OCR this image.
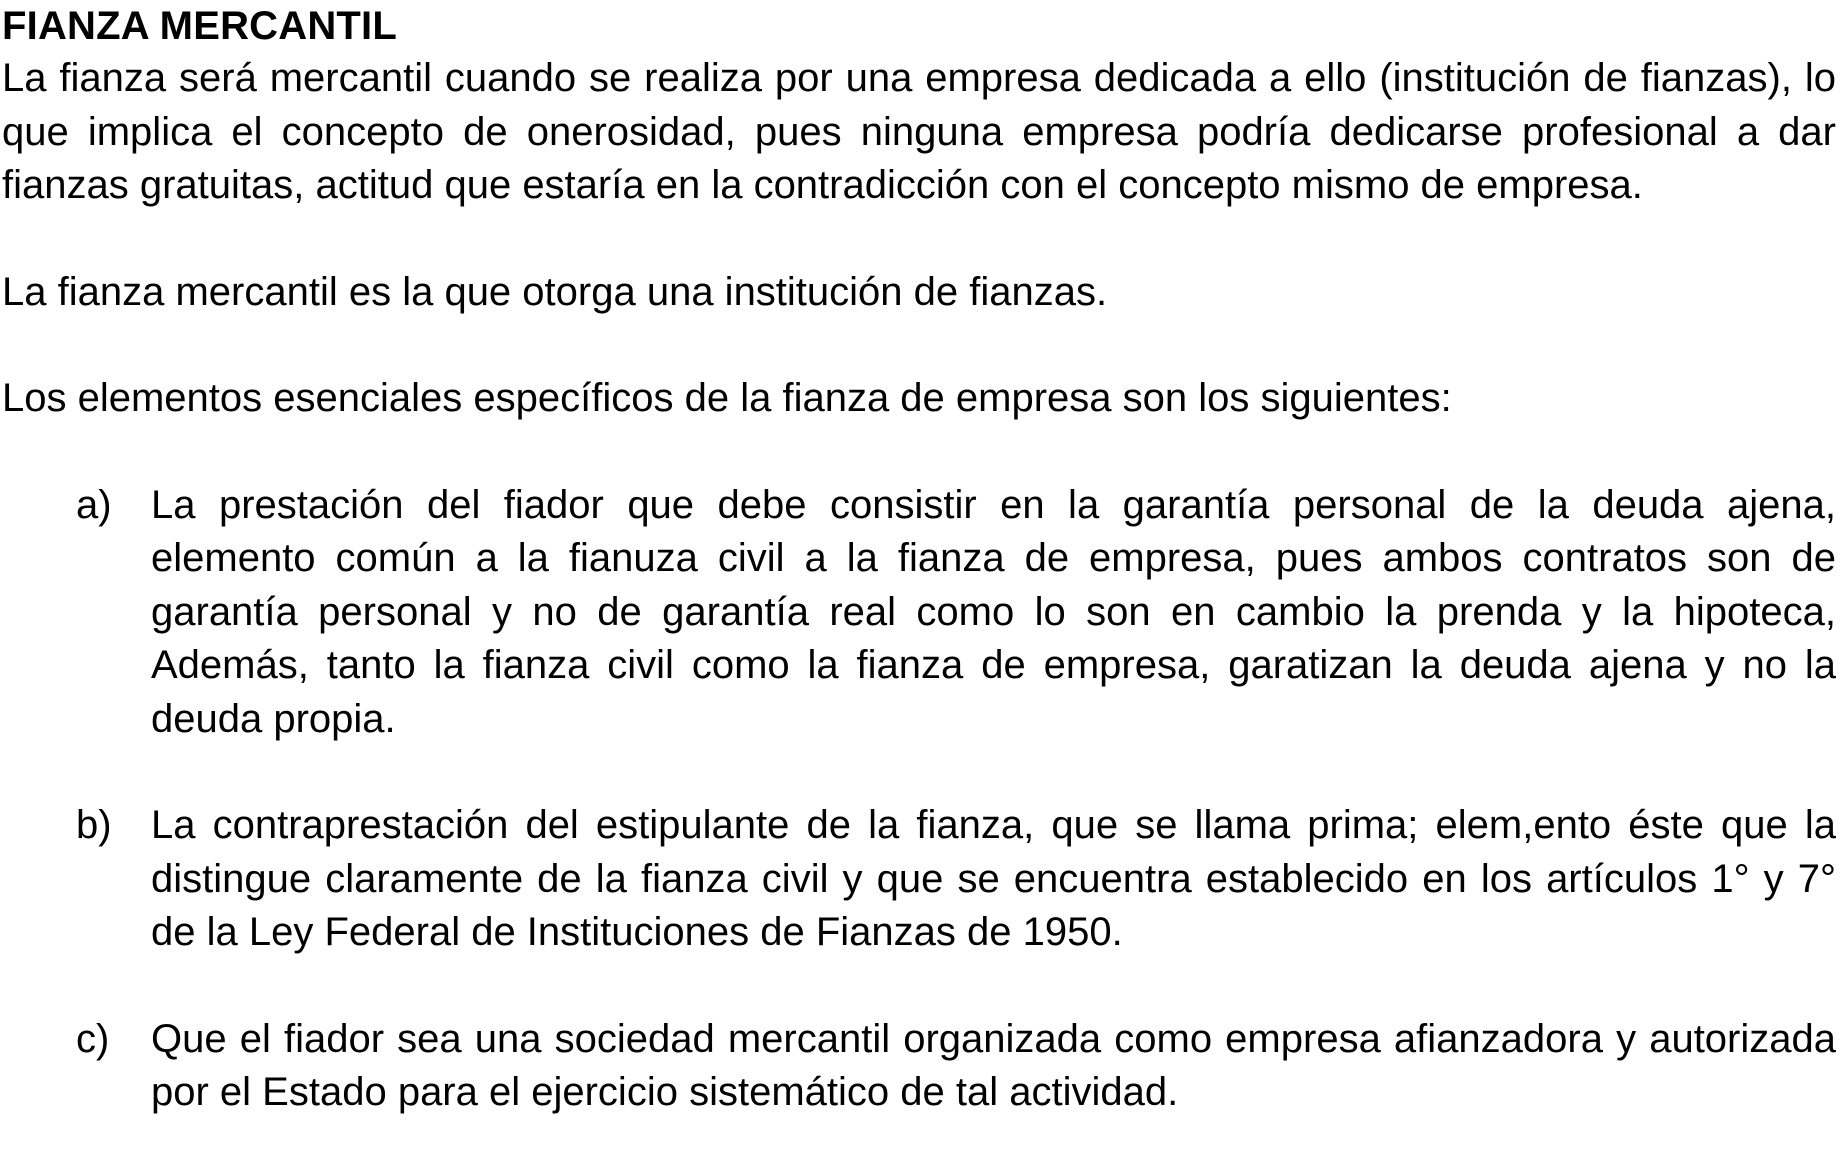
FIANZA MERCANTIL

La fianza será mercantil cuando se realiza por una empresa dedicada a ello (institución de fianzas), lo que implica el concepto de onerosidad, pues ninguna empresa podría dedicarse profesional a dar fianzas gratuitas, actitud que estaría en la contradicción con el concepto mismo de empresa.

La fianza mercantil es la que otorga una institución de fianzas.

Los elementos esenciales específicos de la fianza de empresa son los siguientes:

a) La prestación del fiador que debe consistir en la garantía personal de la deuda ajena, elemento común a la fianuza civil a la fianza de empresa, pues ambos contratos son de garantía personal y no de garantía real como lo son en cambio la prenda y la hipoteca, Además, tanto la fianza civil como la fianza de empresa, garatizan la deuda ajena y no la deuda propia.
b) La contraprestación del estipulante de la fianza, que se llama prima; elem,ento éste que la distingue claramente de la fianza civil y que se encuentra establecido en los artículos 1° y 7° de la Ley Federal de Instituciones de Fianzas de 1950.
c)	Que el fiador sea una sociedad mercantil organizada como empresa afianzadora y autorizada por el Estado para el ejercicio sistemático de tal actividad.
